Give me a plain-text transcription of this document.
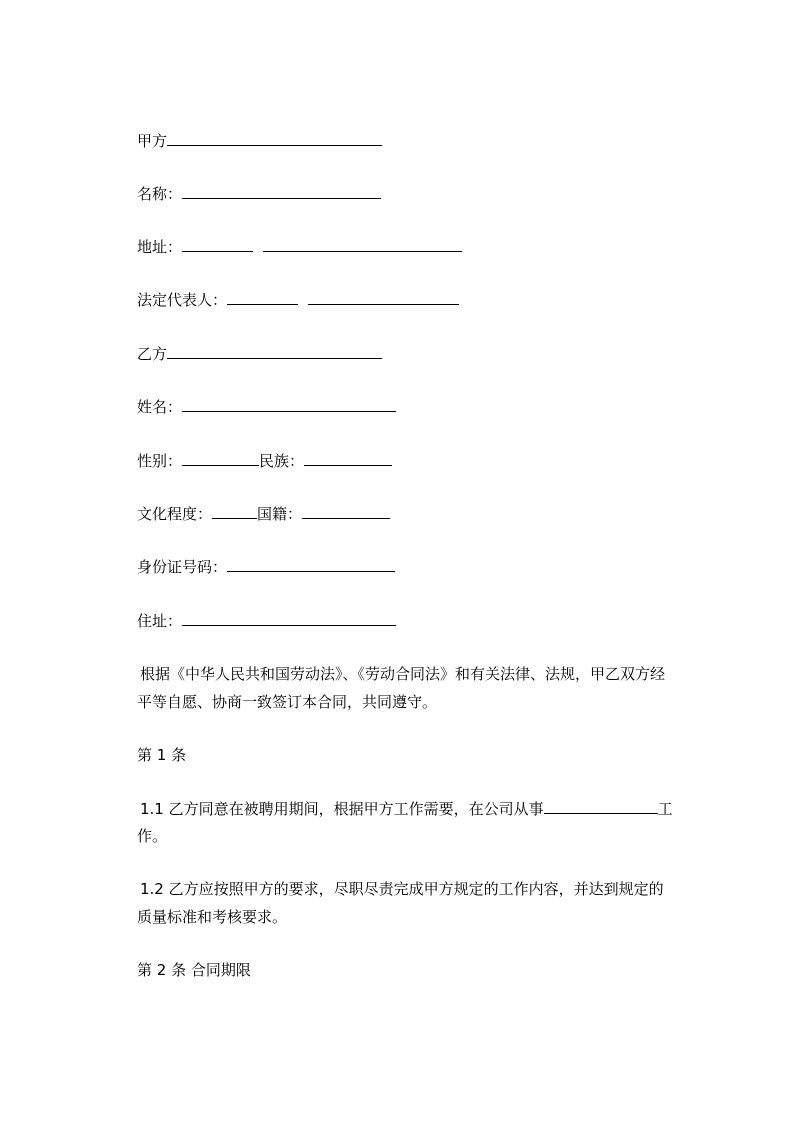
甲方
名称：
地址：
法定代表人：
乙方
姓名：
性别：	民族：
文化程度：	国籍：
身份证号码：
住址：
根据《中华人民共和国劳动法》、《劳动合同法》和有关法律、法规，甲乙双方经
平等自愿、协商一致签订本合同，共同遵守。
第 1 条
1.1 乙方同意在被聘用期间，根据甲方工作需要，在公司从事	工
作。
1.2 乙方应按照甲方的要求，尽职尽责完成甲方规定的工作内容，并达到规定的
质量标准和考核要求。
第 2 条 合同期限
